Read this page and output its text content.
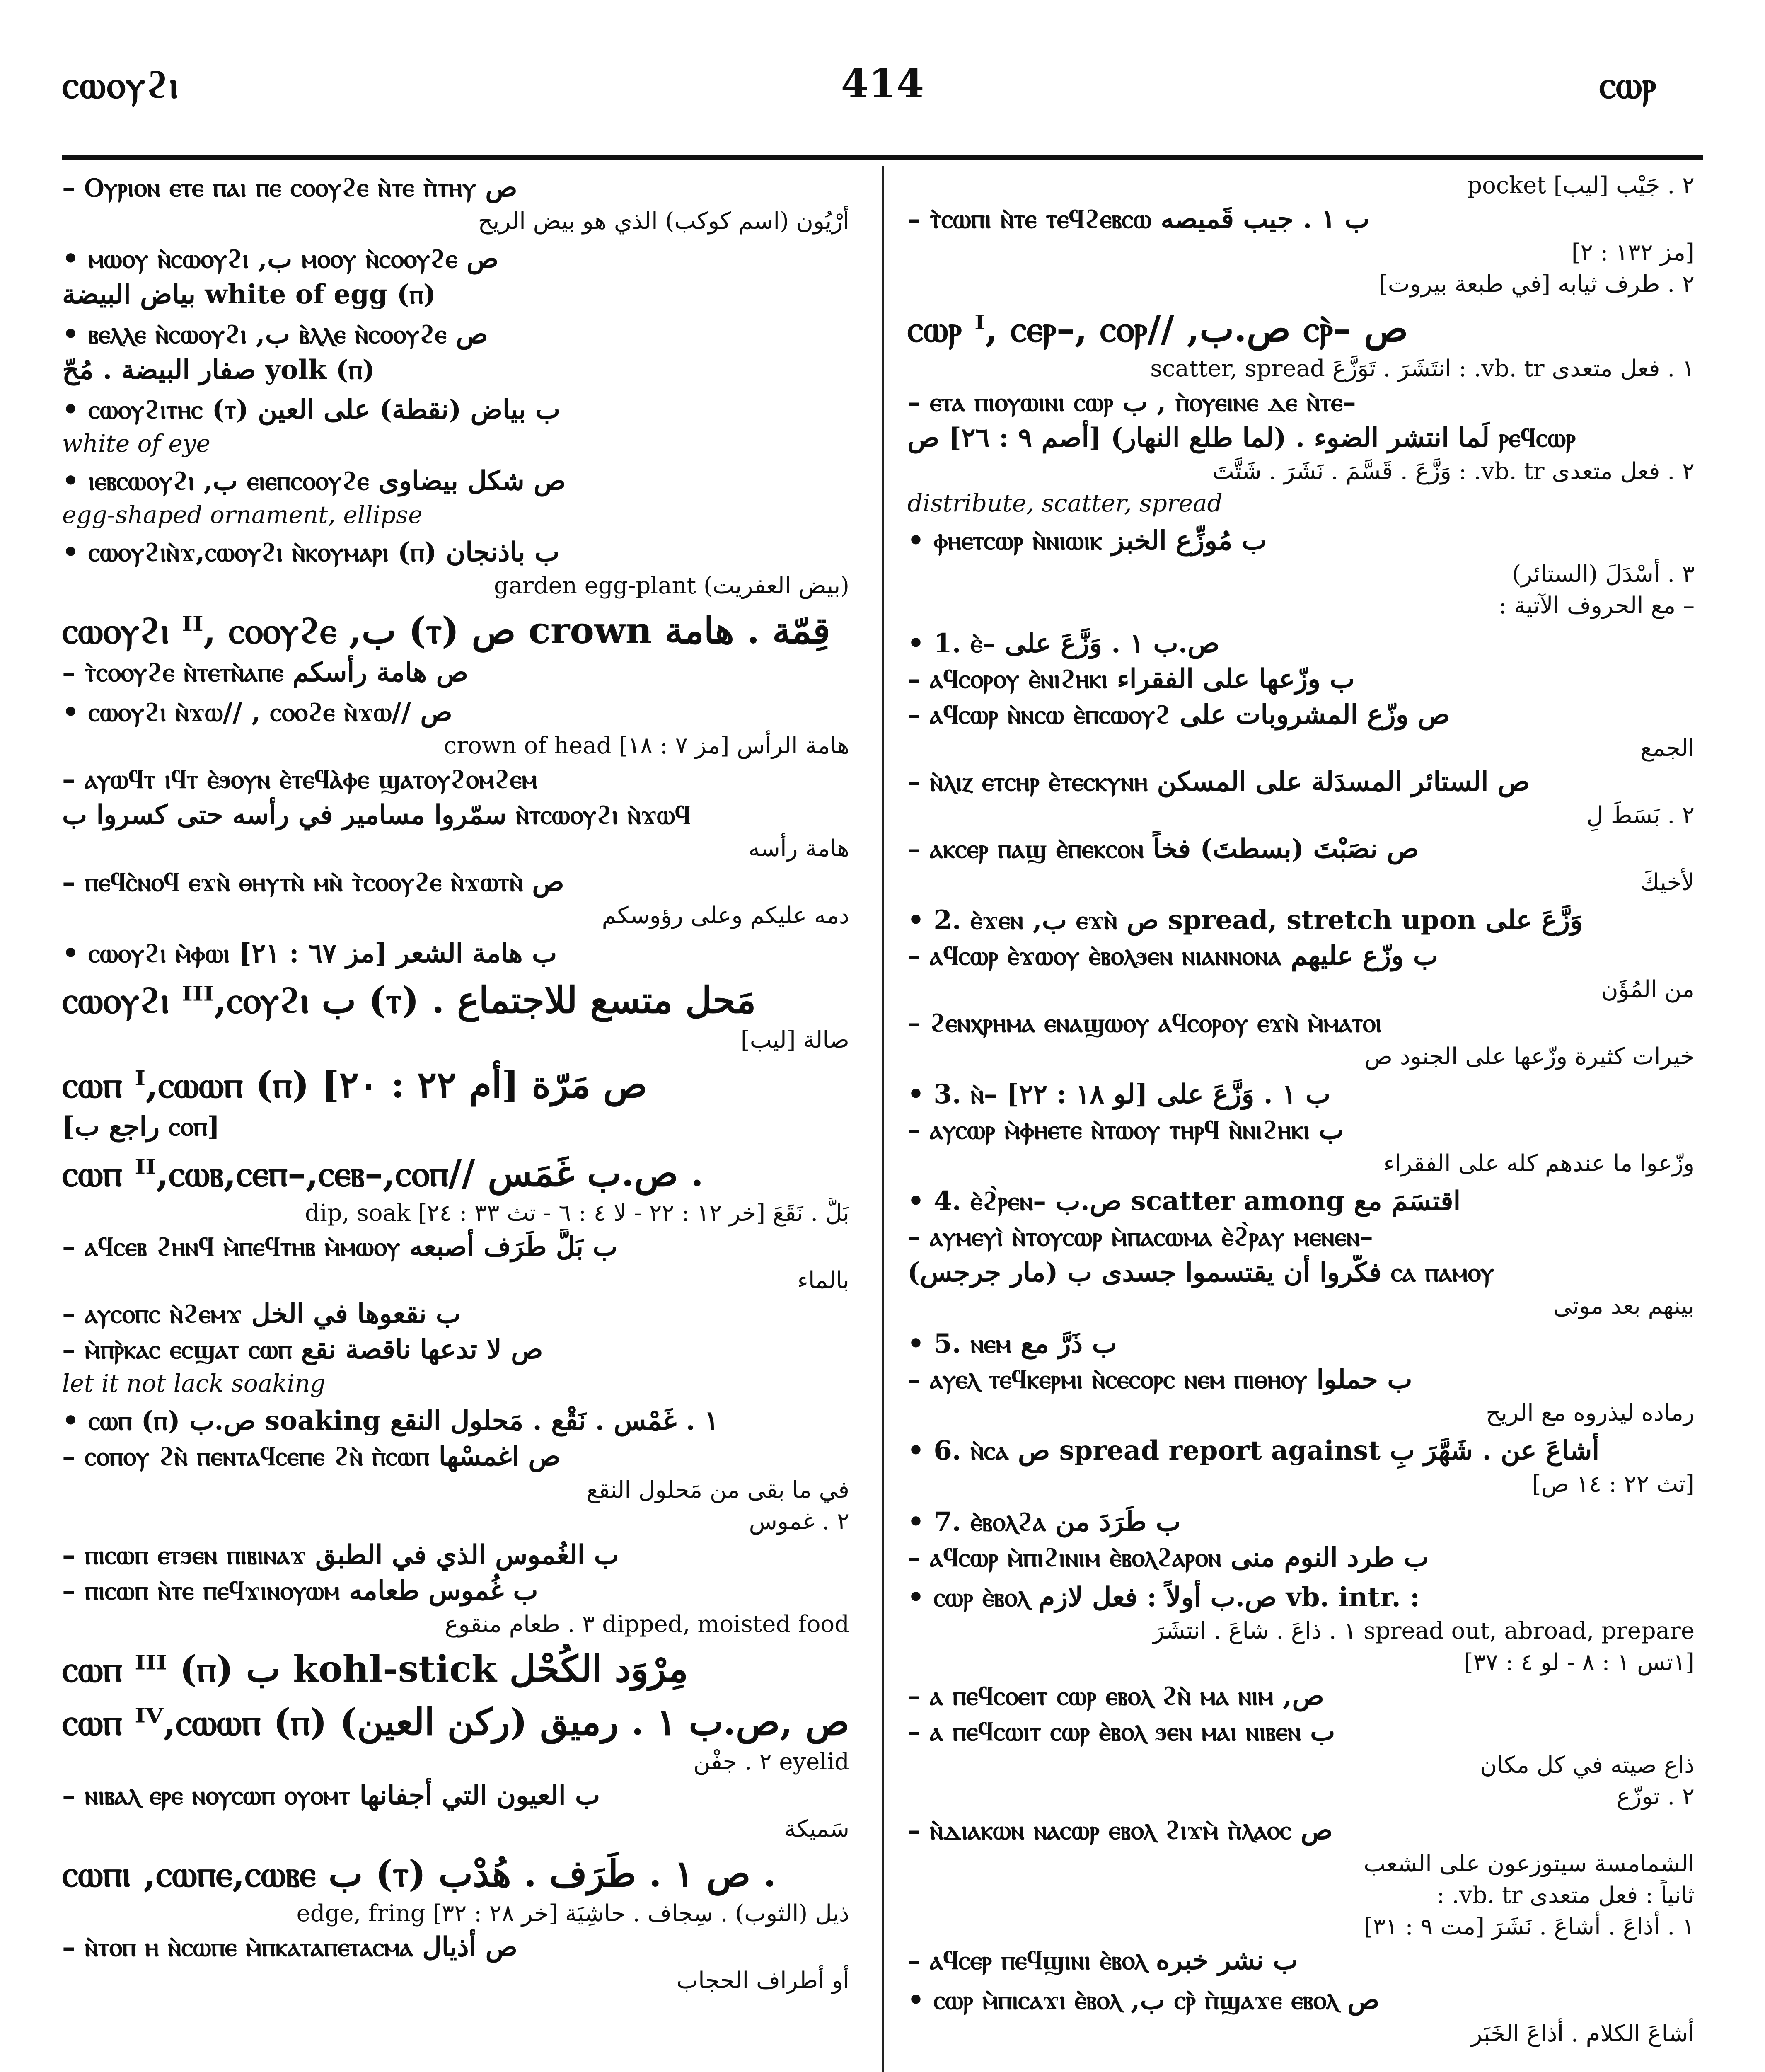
ⲥⲱⲟⲩϩⲓ	414	ⲥⲱⲣ
– Ⲟⲩⲣⲓⲟⲛ ⲉⲧⲉ ⲡⲁⲓ ⲡⲉ ⲥⲟⲟⲩϩⲉ ⲛ̀ⲧⲉ ⲡ̀ⲧⲏⲩ ص
أُرْيُون (اسم كوكب) الذي هو بيض الريح
• ⲙⲱⲟⲩ ⲛ̀ⲥⲱⲟⲩϩⲓ ,ب ⲙⲟⲟⲩ ⲛ̀ⲥⲟⲟⲩϩⲉ ص
بياض البيضة white of egg (ⲡ)
• ⲃⲉⲗⲗⲉ ⲛ̀ⲥⲱⲟⲩϩⲓ ,ب ⲃ̀ⲗⲗⲉ ⲛ̀ⲥⲟⲟⲩϩⲉ ص
صفار البيضة . مُحّ yolk (ⲡ)
• ⲥⲱⲟⲩϩⲓⲧⲏⲥ (ⲧ) ب بياض (نقطة) على العين
white of eye
• ⲓⲉⲃⲥⲱⲟⲩϩⲓ ,ب ⲉⲓⲉⲡⲥⲟⲟⲩϩⲉ ص شكل بيضاوى
egg-shaped ornament, ellipse
• ⲥⲱⲟⲩϩⲓⲛ̀ϫ,ⲥⲱⲟⲩϩⲓ ⲛ̀ⲕⲟⲩⲙⲁⲣⲓ (ⲡ) ب باذنجان
(بيض العفريت) garden egg-plant
ⲥⲱⲟⲩϩⲓ ᴵᴵ, ⲥⲟⲟⲩϩⲉ ,ب (ⲧ) ص crown قِمّة . هامة
– ⲧ̀ⲥⲟⲟⲩϩⲉ ⲛ̀ⲧⲉⲧⲛ̀ⲁⲡⲉ ص هامة رأسكم
• ⲥⲱⲟⲩϩⲓ ⲛ̀ϫⲱ// , ⲥⲟⲟϩⲉ ⲛ̀ϫⲱ// ص
هامة الرأس [مز ٧ : ١٨] crown of head
– ⲁⲩⲱϥⲧ ⲓϥⲧ ⲉ̀ϧⲟⲩⲛ ⲉ̀ⲧⲉϥⲁ̀ⲫⲉ ϣⲁⲧⲟⲩϩⲟⲙϩⲉⲙ
سمّروا مسامير في رأسه حتى كسروا ب ⲛ̀ⲧⲥⲱⲟⲩϩⲓ ⲛ̀ϫⲱϥ
هامة رأسه
– ⲡⲉϥⲥ̀ⲛⲟϥ ⲉϫⲛ̀ ⲑⲏⲩⲧⲛ̀ ⲙⲛ̀ ⲧ̀ⲥⲟⲟⲩϩⲉ ⲛ̀ϫⲱⲧⲛ̀ ص
دمه عليكم وعلى رؤوسكم
• ⲥⲱⲟⲩϩⲓ ⲙ̀ⲫⲱⲓ ب هامة الشعر [مز ٦٧ : ٢١]
ⲥⲱⲟⲩϩⲓ ᴵᴵᴵ,ⲥⲟⲩϩⲓ ب (ⲧ) . مَحل متسع للاجتماع
صالة [ليب]
ⲥⲱⲡ ᴵ,ⲥⲱⲱⲡ (ⲡ) ص مَرّة [أم ٢٢ : ٢٠]
[راجع ب ⲥⲟⲡ]
ⲥⲱⲡ ᴵᴵ,ⲥⲱⲃ,ⲥⲉⲡ–,ⲥⲉⲃ–,ⲥⲟⲡ// ص.ب غَمَس .
بَلَّ . نَقَعَ [خر ١٢ : ٢٢ - لا ٤ : ٦ - تث ٣٣ : ٢٤] dip, soak
– ⲁϥⲥⲉⲃ ϩⲏⲛϥ ⲙ̀ⲡⲉϥⲧⲏⲃ ⲙ̀ⲙⲱⲟⲩ ب بَلَّ طَرَف أصبعه
بالماء
– ⲁⲩⲥⲟⲡⲥ ⲛ̀ϩⲉⲙϫ ب نقعوها في الخل
– ⲙ̀ⲡⲣ̀ⲕⲁⲥ ⲉⲥϣⲁⲧ ⲥⲱⲡ ص لا تدعها ناقصة نقع
let it not lack soaking
• ⲥⲱⲡ (ⲡ) ص.ب soaking ١ . غَمْس . نَقْع . مَحلول النقع
– ⲥⲟⲡⲟⲩ ϩⲛ̀ ⲡⲉⲛⲧⲁϥⲥⲉⲡⲉ ϩⲛ̀ ⲡ̀ⲥⲱⲡ ص اغمسْها
في ما بقى من مَحلول النقع
٢ . غموس
– ⲡⲓⲥⲱⲡ ⲉⲧϧⲉⲛ ⲡⲓⲃⲓⲛⲁϫ ب الغُموس الذي في الطبق
– ⲡⲓⲥⲱⲡ ⲛ̀ⲧⲉ ⲡⲉϥϫⲓⲛⲟⲩⲱⲙ ب غُموس طعامه
dipped, moisted food ٣ . طعام منقوع
ⲥⲱⲡ ᴵᴵᴵ (ⲡ) ب kohl-stick مِرْوَد الكُحْل
ⲥⲱⲡ ᴵⱽ,ⲥⲱⲱⲡ (ⲡ) ص ,ص.ب ١ . رميق (ركن العين)
eyelid ٢ . جفْن
– ⲛⲓⲃⲁⲗ ⲉⲣⲉ ⲛⲟⲩⲥⲱⲡ ⲟⲩⲟⲙⲧ ب العيون التي أجفانها
سَميكة
ⲥⲱⲡⲓ ,ⲥⲱⲡⲉ,ⲥⲱⲃⲉ ب (ⲧ) ص ١ . طَرَف . هُدْب .
ذيل (الثوب) . سِجاف . حاشِيَة [خر ٢٨ : ٣٢] edge, fring
– ⲛ̀ⲧⲟⲡ ⲏ ⲛ̀ⲥⲱⲡⲉ ⲙ̀ⲡⲕⲁⲧⲁⲡⲉⲧⲁⲥⲙⲁ ص أذيال
أو أطراف الحجاب
٢ . جَيْب [ليب] pocket
– ⲧ̀ⲥⲱⲡⲓ ⲛ̀ⲧⲉ ⲧⲉϥϩⲉⲃⲥⲱ ب ١ . جيب قَميصه
[مز ١٣٢ : ٢]
٢ . طرف ثيابه [في طبعة بيروت]
ⲥⲱⲣ ᴵ, ⲥⲉⲣ–, ⲥⲟⲣ// ,ص.ب ⲥⲣ̀– ص
١ . فعل متعدى vb. tr. : انتَشَرَ . تَوَزَّعَ scatter, spread
– ⲉⲧⲁ ⲡⲓⲟⲩⲱⲓⲛⲓ ⲥⲱⲣ ب , ⲡ̀ⲟⲩⲉⲓⲛⲉ ⲇⲉ ⲛ̀ⲧⲉ–
لَما انتشر الضوء . (لما طلع النهار) [أصم ٩ : ٢٦] ص ⲣⲉϥⲥⲱⲣ
٢ . فعل متعدى vb. tr. : وَزَّعَ . قَسَّمَ . نَشَرَ . شَتَّتَ
distribute, scatter, spread
• ⲫⲏⲉⲧⲥⲱⲣ ⲛ̀ⲛⲓⲱⲓⲕ ب مُوزِّع الخبز
٣ . أَسْدَلَ (الستائر)
– مع الحروف الآتية :
• 1. ⲉ̀– ص.ب ١ . وَزَّعَ على
– ⲁϥⲥⲟⲣⲟⲩ ⲉ̀ⲛⲓϩⲏⲕⲓ ب وزّعها على الفقراء
– ⲁϥⲥⲱⲣ ⲛ̀ⲛⲥⲱ ⲉ̀ⲡⲥⲱⲟⲩϩ ص وزّع المشروبات على
الجمع
– ⲛ̀ⲗⲓⲍ ⲉⲧⲥⲏⲣ ⲉ̀ⲧⲉⲥⲕⲩⲛⲏ ص الستائر المسدَلة على المسكن
٢ . بَسَطَ لِ
– ⲁⲕⲥⲉⲣ ⲡⲁϣ ⲉ̀ⲡⲉⲕⲥⲟⲛ ص نصَبْتَ (بسطتَ) فخاً
لأخيكَ
• 2. ⲉ̀ϫⲉⲛ ,ب ⲉϫⲛ̀ ص spread, stretch upon وَزَّعَ على
– ⲁϥⲥⲱⲣ ⲉ̀ϫⲱⲟⲩ ⲉ̀ⲃⲟⲗϧⲉⲛ ⲛⲓⲁⲛⲛⲟⲛⲁ ب وزّع عليهم
من المُؤَن
– ϩⲉⲛⲭⲣⲏⲙⲁ ⲉⲛⲁϣⲱⲟⲩ ⲁϥⲥⲟⲣⲟⲩ ⲉϫⲛ̀ ⲙ̀ⲙⲁⲧⲟⲓ
خيرات كثيرة وزّعها على الجنود ص
• 3. ⲛ̀– ب ١ . وَزَّعَ على [لو ١٨ : ٢٢]
– ⲁⲩⲥⲱⲣ ⲙ̀ⲫⲏⲉⲧⲉ ⲛ̀ⲧⲱⲟⲩ ⲧⲏⲣϥ ⲛ̀ⲛⲓϩⲏⲕⲓ ب
وزّعوا ما عندهم كله على الفقراء
• 4. ⲉ̀ϩ̀ⲣⲉⲛ– ص.ب scatter among اقتسَمَ مع
– ⲁⲩⲙⲉⲩⲓ̀ ⲛ̀ⲧⲟⲩⲥⲱⲣ ⲙ̀ⲡⲁⲥⲱⲙⲁ ⲉ̀ϩ̀ⲣⲁⲩ ⲙⲉⲛⲉⲛ–
(مار جرجس) فكّروا أن يقتسموا جسدى ب ⲥⲁ ⲡⲁⲙⲟⲩ
بينهم بعد موتى
• 5. ⲛⲉⲙ ب ذَرَّ مع
– ⲁⲩⲉⲗ ⲧⲉϥⲕⲉⲣⲙⲓ ⲛ̀ⲥⲉⲥⲟⲣⲥ ⲛⲉⲙ ⲡⲓⲑⲏⲟⲩ ب حملوا
رماده ليذروه مع الريح
• 6. ⲛ̀ⲥⲁ ص spread report against أشاعَ عن . شَهَّرَ بِ
[تث ٢٢ : ١٤ ص]
• 7. ⲉ̀ⲃⲟⲗϩⲁ ب طَرَدَ من
– ⲁϥⲥⲱⲣ ⲙ̀ⲡⲓϩⲓⲛⲓⲙ ⲉ̀ⲃⲟⲗϩⲁⲣⲟⲛ ب طرد النوم منى
• ⲥⲱⲣ ⲉ̀ⲃⲟⲗ ص.ب أولاً : فعل لازم vb. intr. :
spread out, abroad, prepare ١ . ذاعَ . شاعَ . انتشَرَ
[١تس ١ : ٨ - لو ٤ : ٣٧]
– ⲁ ⲡⲉϥⲥⲟⲉⲓⲧ ⲥⲱⲣ ⲉⲃⲟⲗ ϩⲛ̀ ⲙⲁ ⲛⲓⲙ ,ص
– ⲁ ⲡⲉϥⲥⲱⲓⲧ ⲥⲱⲣ ⲉ̀ⲃⲟⲗ ϧⲉⲛ ⲙⲁⲓ ⲛⲓⲃⲉⲛ ب
ذاع صيته في كل مكان
٢ . توزّع
– ⲛ̀ⲇⲓⲁⲕⲱⲛ ⲛⲁⲥⲱⲣ ⲉⲃⲟⲗ ϩⲓϫⲙ̀ ⲡ̀ⲗⲁⲟⲥ ص
الشمامسة سيتوزعون على الشعب
ثانياً : فعل متعدى vb. tr. :
١ . أذاعَ . أشاعَ . نَشَرَ [مت ٩ : ٣١]
– ⲁϥⲥⲉⲣ ⲡⲉϥϣⲓⲛⲓ ⲉ̀ⲃⲟⲗ ب نشر خبره
• ⲥⲱⲣ ⲙ̀ⲡⲓⲥⲁϫⲓ ⲉ̀ⲃⲟⲗ ,ب ⲥⲣ̀ ⲡ̀ϣⲁϫⲉ ⲉⲃⲟⲗ ص
أشاعَ الكلام . أذاعَ الخَبَر
